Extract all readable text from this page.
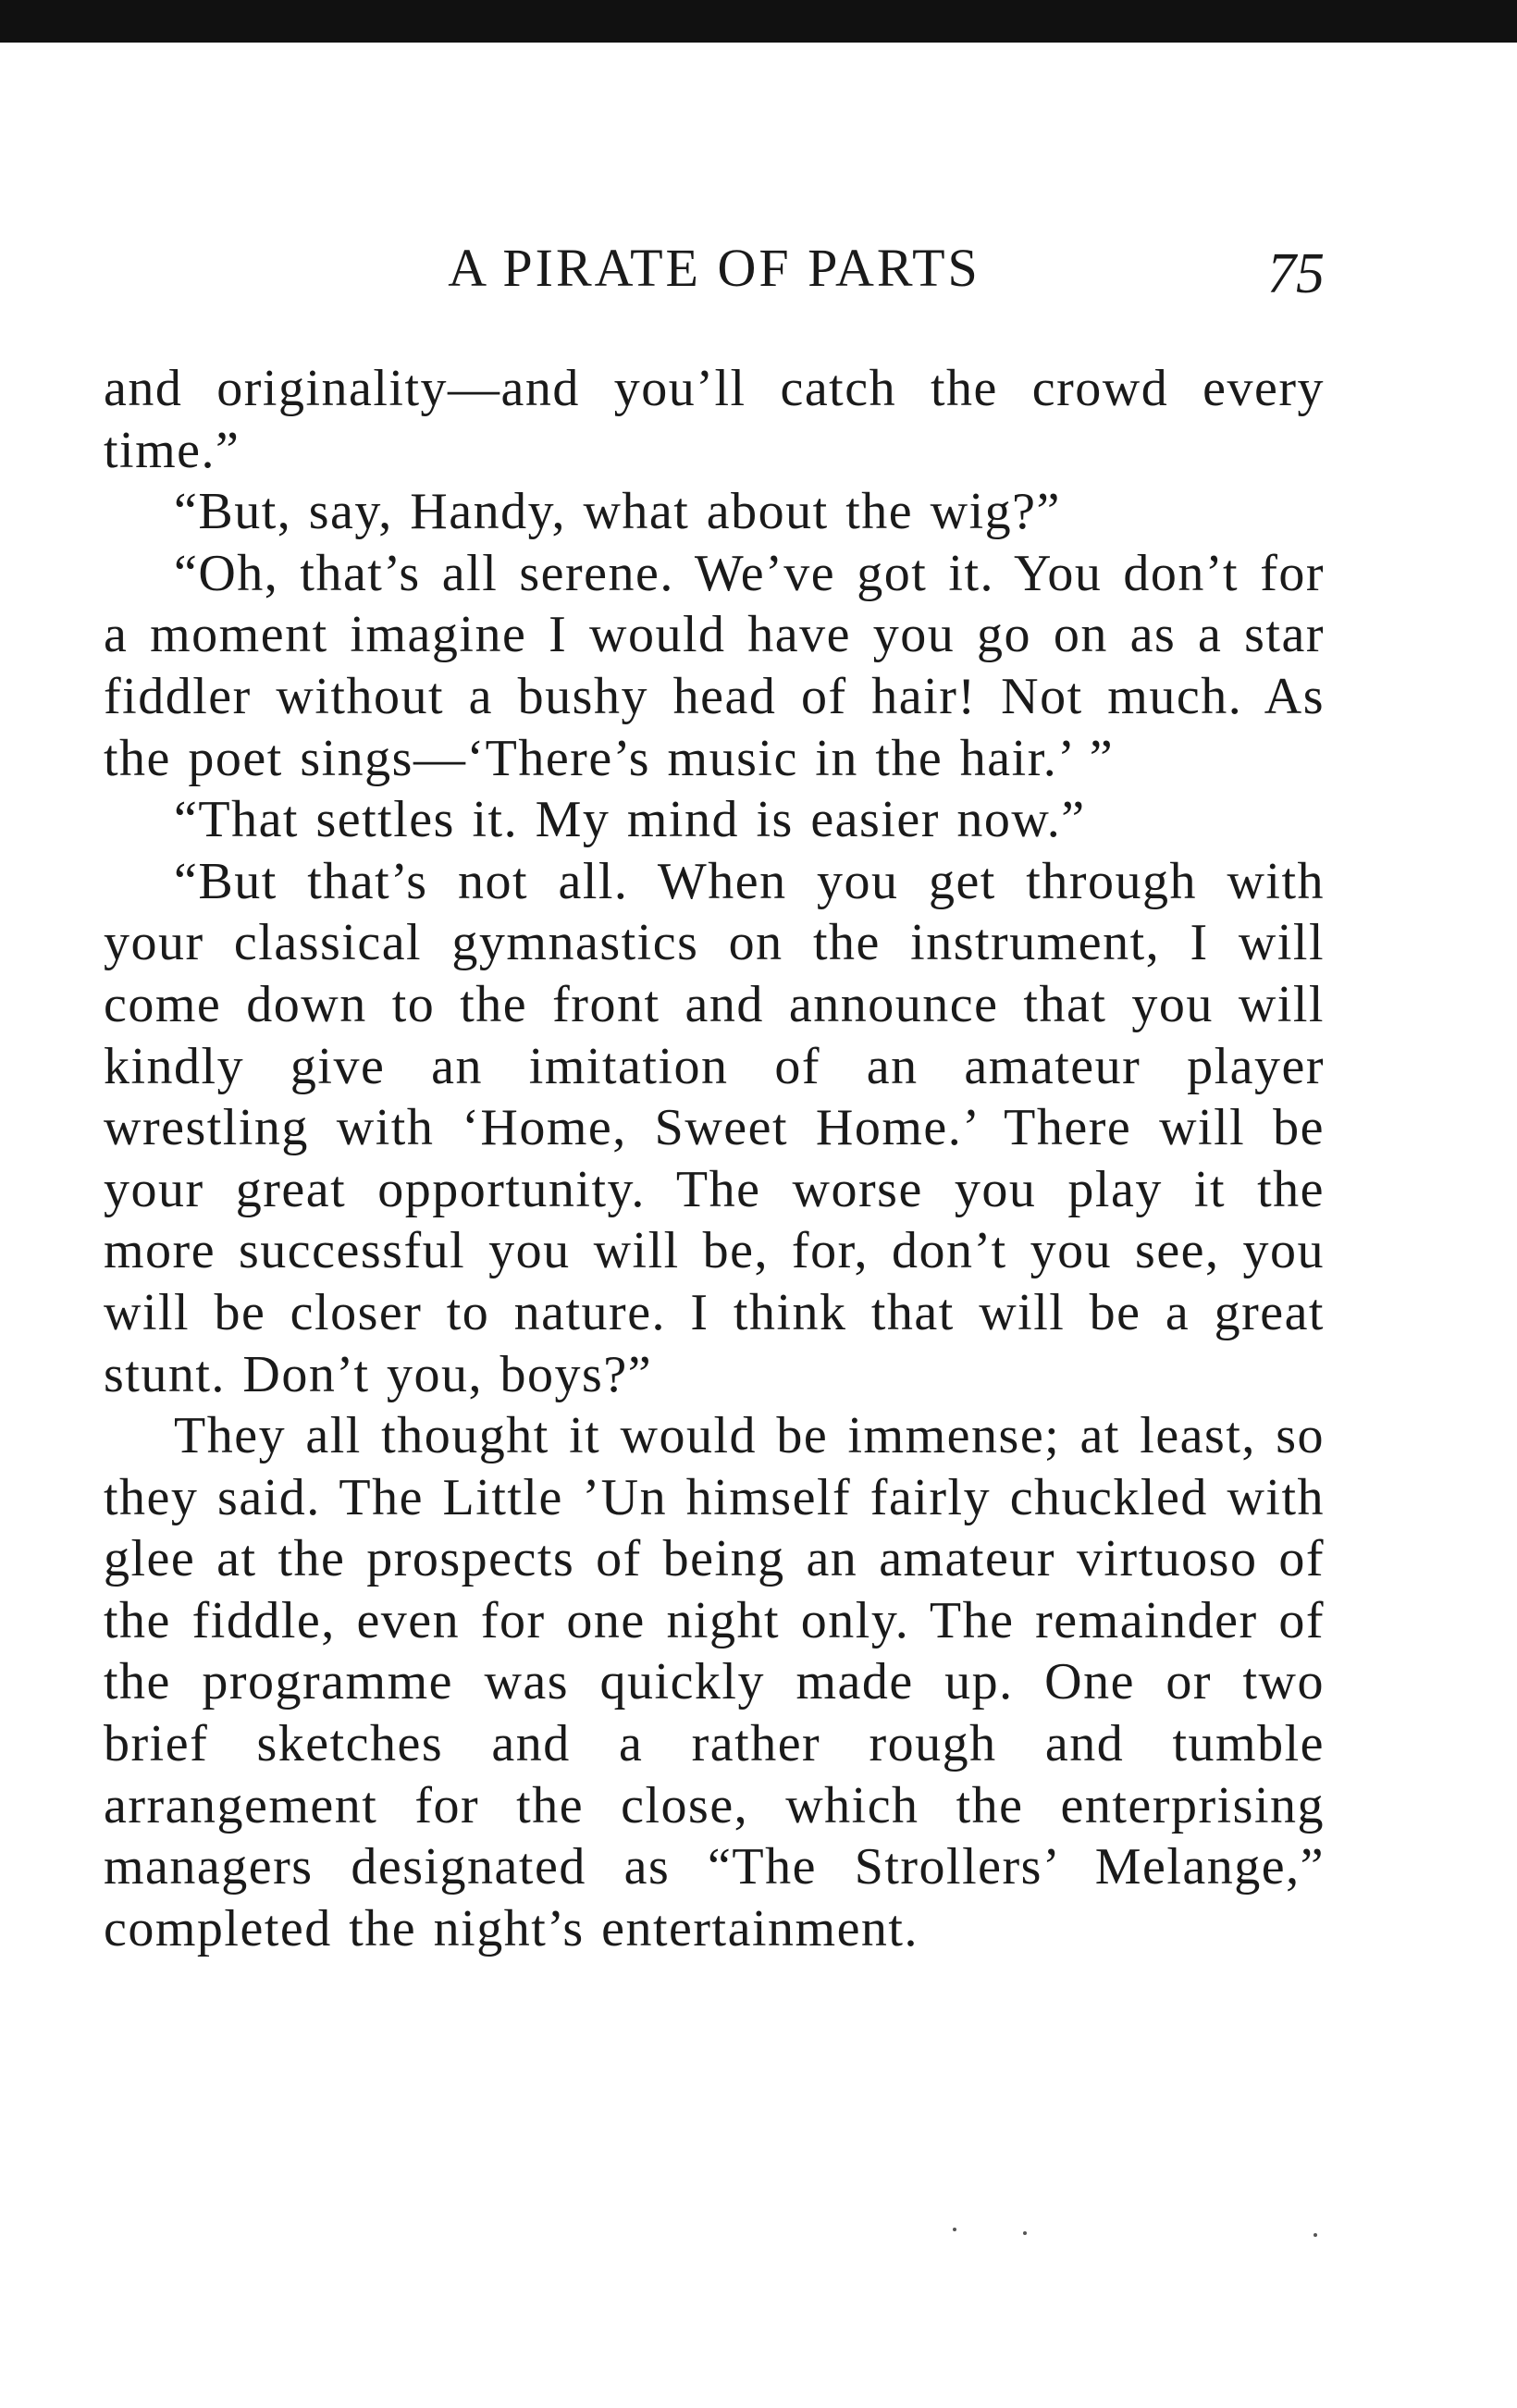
A PIRATE OF PARTS	75

and originality—and you’ll catch the crowd every time.”

“But, say, Handy, what about the wig?”

“Oh, that’s all serene. We’ve got it. You don’t for a moment imagine I would have you go on as a star fiddler without a bushy head of hair! Not much. As the poet sings—‘There’s music in the hair.’ ”

“That settles it. My mind is easier now.”

“But that’s not all. When you get through with your classical gymnastics on the instrument, I will come down to the front and announce that you will kindly give an imitation of an amateur player wrestling with ‘Home, Sweet Home.’ There will be your great opportunity. The worse you play it the more successful you will be, for, don’t you see, you will be closer to nature. I think that will be a great stunt. Don’t you, boys?”

They all thought it would be immense; at least, so they said. The Little ’Un himself fairly chuckled with glee at the prospects of being an amateur virtuoso of the fiddle, even for one night only. The remainder of the programme was quickly made up. One or two brief sketches and a rather rough and tumble arrangement for the close, which the enterprising managers designated as “The Strollers’ Melange,” completed the night’s entertainment.
